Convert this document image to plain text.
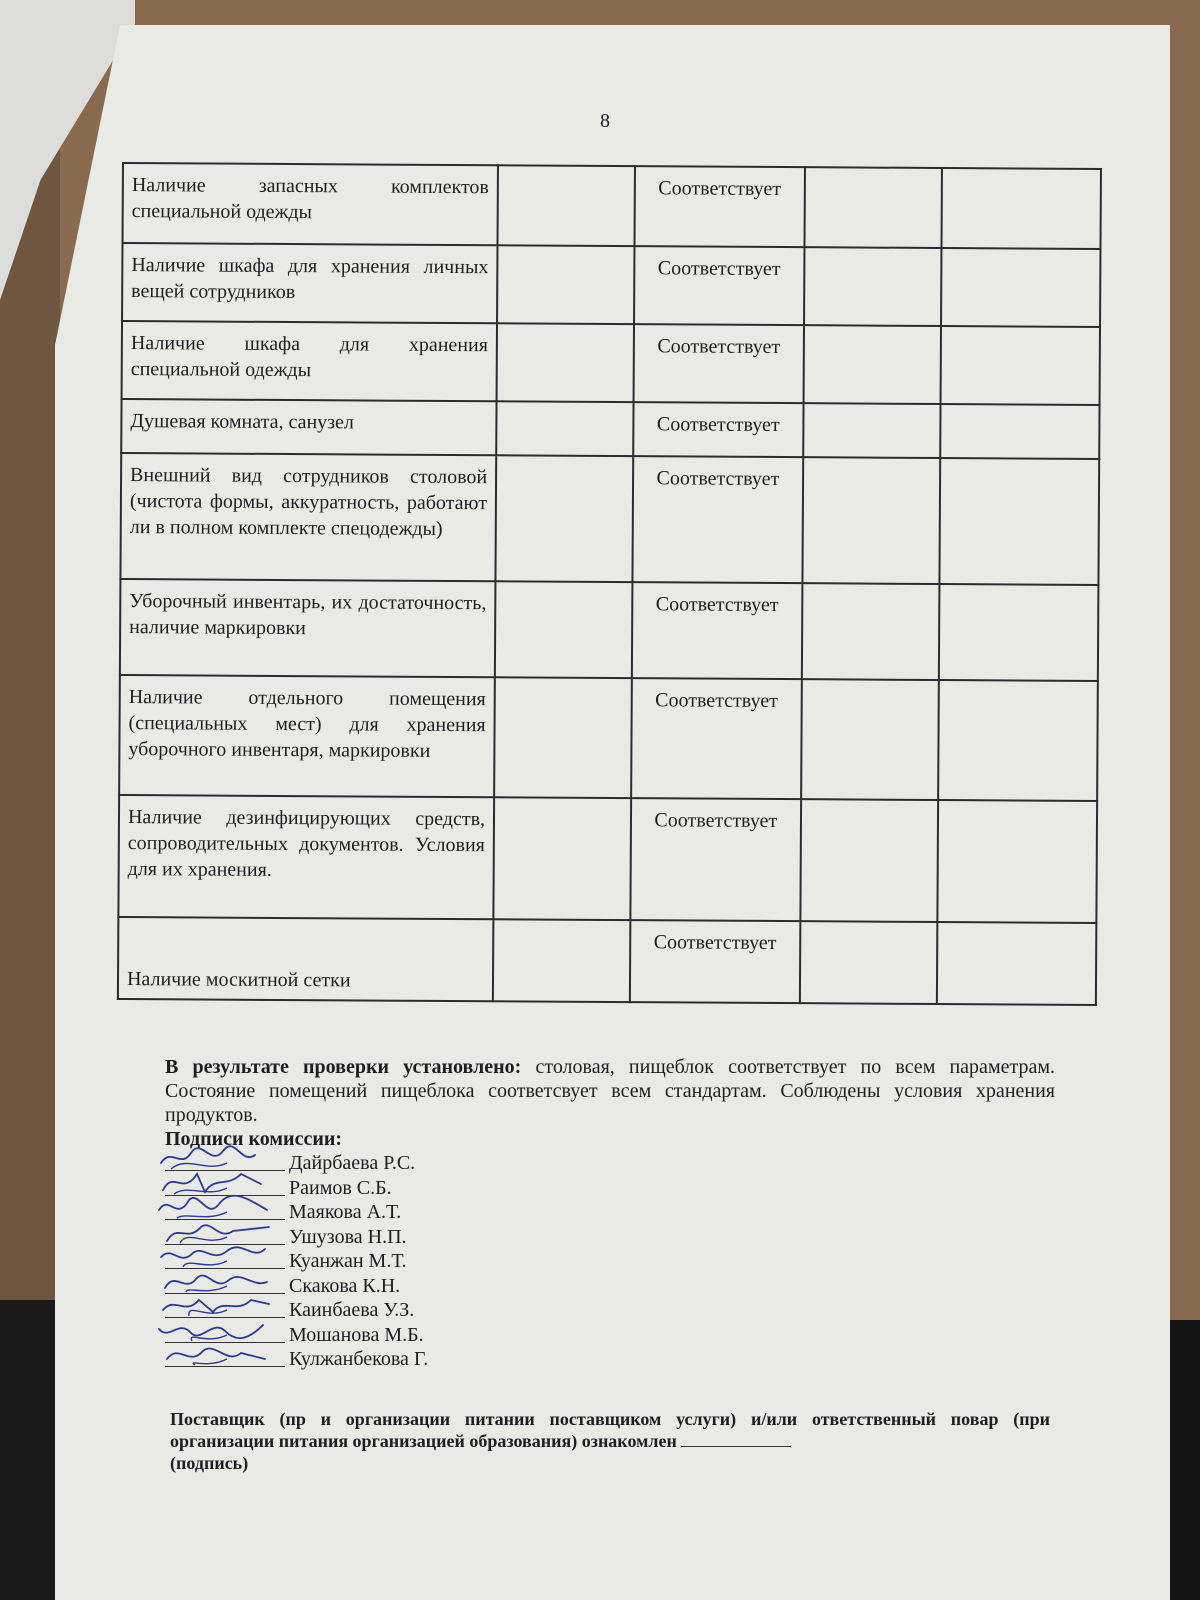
8
Наличие запасных комплектов специальной одежды		Соответствует		
Наличие шкафа для хранения личных вещей сотрудников		Соответствует		
Наличие шкафа для хранения специальной одежды		Соответствует		
Душевая комната, санузел		Соответствует		
Внешний вид сотрудников столовой (чистота формы, аккуратность, работают ли в полном комплекте спецодежды)		Соответствует		
Уборочный инвентарь, их достаточность, наличие маркировки		Соответствует		
Наличие отдельного помещения (специальных мест) для хранения уборочного инвентаря, маркировки		Соответствует		
Наличие дезинфицирующих средств, сопроводительных документов. Условия для их хранения.		Соответствует		
Наличие москитной сетки		Соответствует		
В результате проверки установлено: столовая, пищеблок соответствует по всем параметрам. Состояние помещений пищеблока соответсвует всем стандартам. Соблюдены условия хранения продуктов.
Подписи комиссии:
Дайрбаева Р.С.
Раимов С.Б.
Маякова А.Т.
Ушузова Н.П.
Куанжан М.Т.
Скакова К.Н.
Каинбаева У.З.
Мошанова М.Б.
Кулжанбекова Г.
Поставщик (пр и организации питании поставщиком услуги) и/или ответственный повар (при организации питания организацией образования) ознакомлен
(подпись)
